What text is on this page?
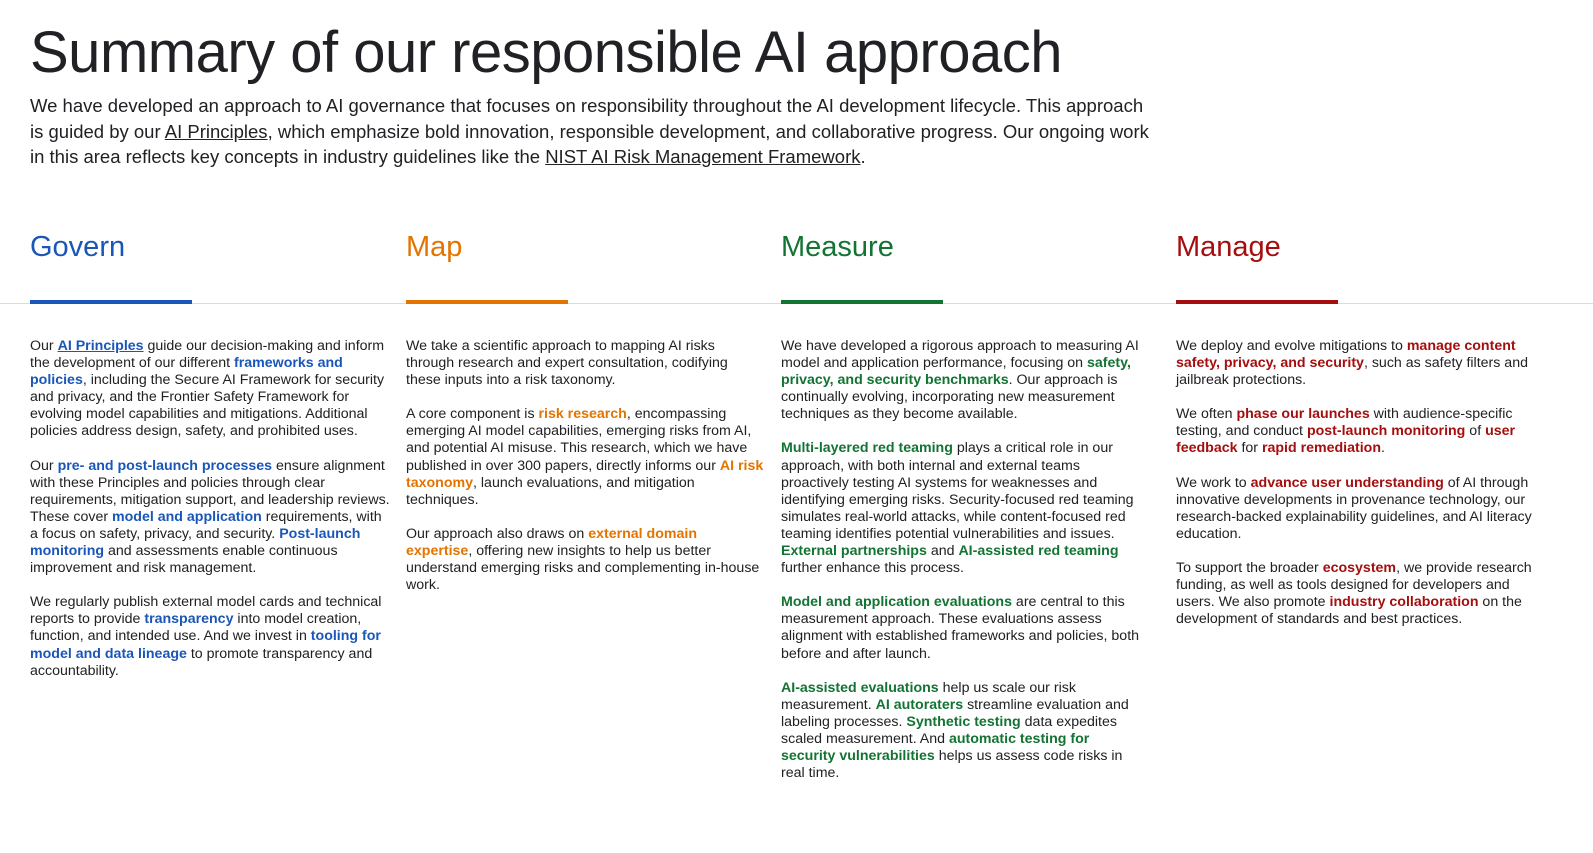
Summary of our responsible AI approach

We have developed an approach to AI governance that focuses on responsibility throughout the AI development lifecycle. This approach is guided by our AI Principles, which emphasize bold innovation, responsible development, and collaborative progress. Our ongoing work in this area reflects key concepts in industry guidelines like the NIST AI Risk Management Framework.

Govern

Our AI Principles guide our decision-making and inform the development of our different frameworks and policies, including the Secure AI Framework for security and privacy, and the Frontier Safety Framework for evolving model capabilities and mitigations. Additional policies address design, safety, and prohibited uses.

Our pre- and post-launch processes ensure alignment with these Principles and policies through clear requirements, mitigation support, and leadership reviews. These cover model and application requirements, with a focus on safety, privacy, and security. Post-launch monitoring and assessments enable continuous improvement and risk management.

We regularly publish external model cards and technical reports to provide transparency into model creation, function, and intended use. And we invest in tooling for model and data lineage to promote transparency and accountability.

Map

We take a scientific approach to mapping AI risks through research and expert consultation, codifying these inputs into a risk taxonomy.

A core component is risk research, encompassing emerging AI model capabilities, emerging risks from AI, and potential AI misuse. This research, which we have published in over 300 papers, directly informs our AI risk taxonomy, launch evaluations, and mitigation techniques.

Our approach also draws on external domain expertise, offering new insights to help us better understand emerging risks and complementing in-house work.

Measure

We have developed a rigorous approach to measuring AI model and application performance, focusing on safety, privacy, and security benchmarks. Our approach is continually evolving, incorporating new measurement techniques as they become available.

Multi-layered red teaming plays a critical role in our approach, with both internal and external teams proactively testing AI systems for weaknesses and identifying emerging risks. Security-focused red teaming simulates real-world attacks, while content-focused red teaming identifies potential vulnerabilities and issues. External partnerships and AI-assisted red teaming further enhance this process.

Model and application evaluations are central to this measurement approach. These evaluations assess alignment with established frameworks and policies, both before and after launch.

AI-assisted evaluations help us scale our risk measurement. AI autoraters streamline evaluation and labeling processes. Synthetic testing data expedites scaled measurement. And automatic testing for security vulnerabilities helps us assess code risks in real time.

Manage

We deploy and evolve mitigations to manage content safety, privacy, and security, such as safety filters and jailbreak protections.

We often phase our launches with audience-specific testing, and conduct post-launch monitoring of user feedback for rapid remediation.

We work to advance user understanding of AI through innovative developments in provenance technology, our research-backed explainability guidelines, and AI literacy education.

To support the broader ecosystem, we provide research funding, as well as tools designed for developers and users. We also promote industry collaboration on the development of standards and best practices.
